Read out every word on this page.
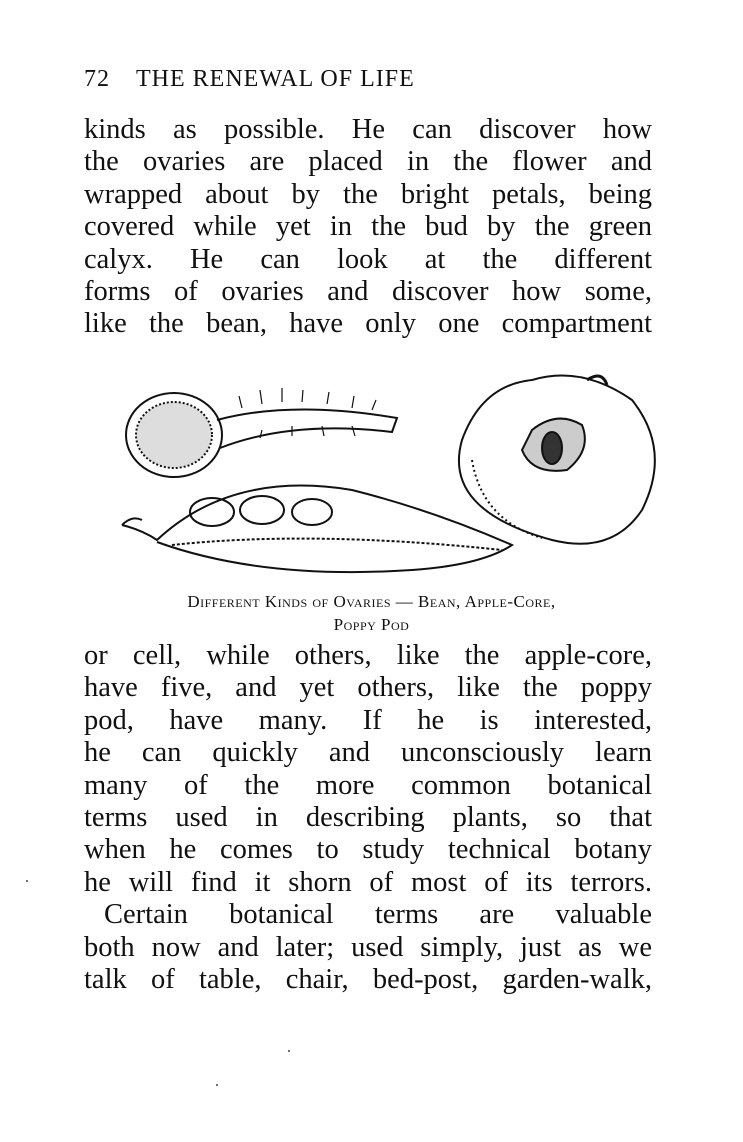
72 THE RENEWAL OF LIFE
kinds as possible. He can discover how
the ovaries are placed in the flower and
wrapped about by the bright petals, being
covered while yet in the bud by the green
calyx. He can look at the different
forms of ovaries and discover how some,
like the bean, have only one compartment
Different Kinds of Ovaries — Bean, Apple-Core,
Poppy Pod
or cell, while others, like the apple-core,
have five, and yet others, like the poppy
pod, have many. If he is interested,
he can quickly and unconsciously learn
many of the more common botanical
terms used in describing plants, so that
when he comes to study technical botany
he will find it shorn of most of its terrors.
Certain botanical terms are valuable
both now and later; used simply, just as we
talk of table, chair, bed-post, garden-walk,
